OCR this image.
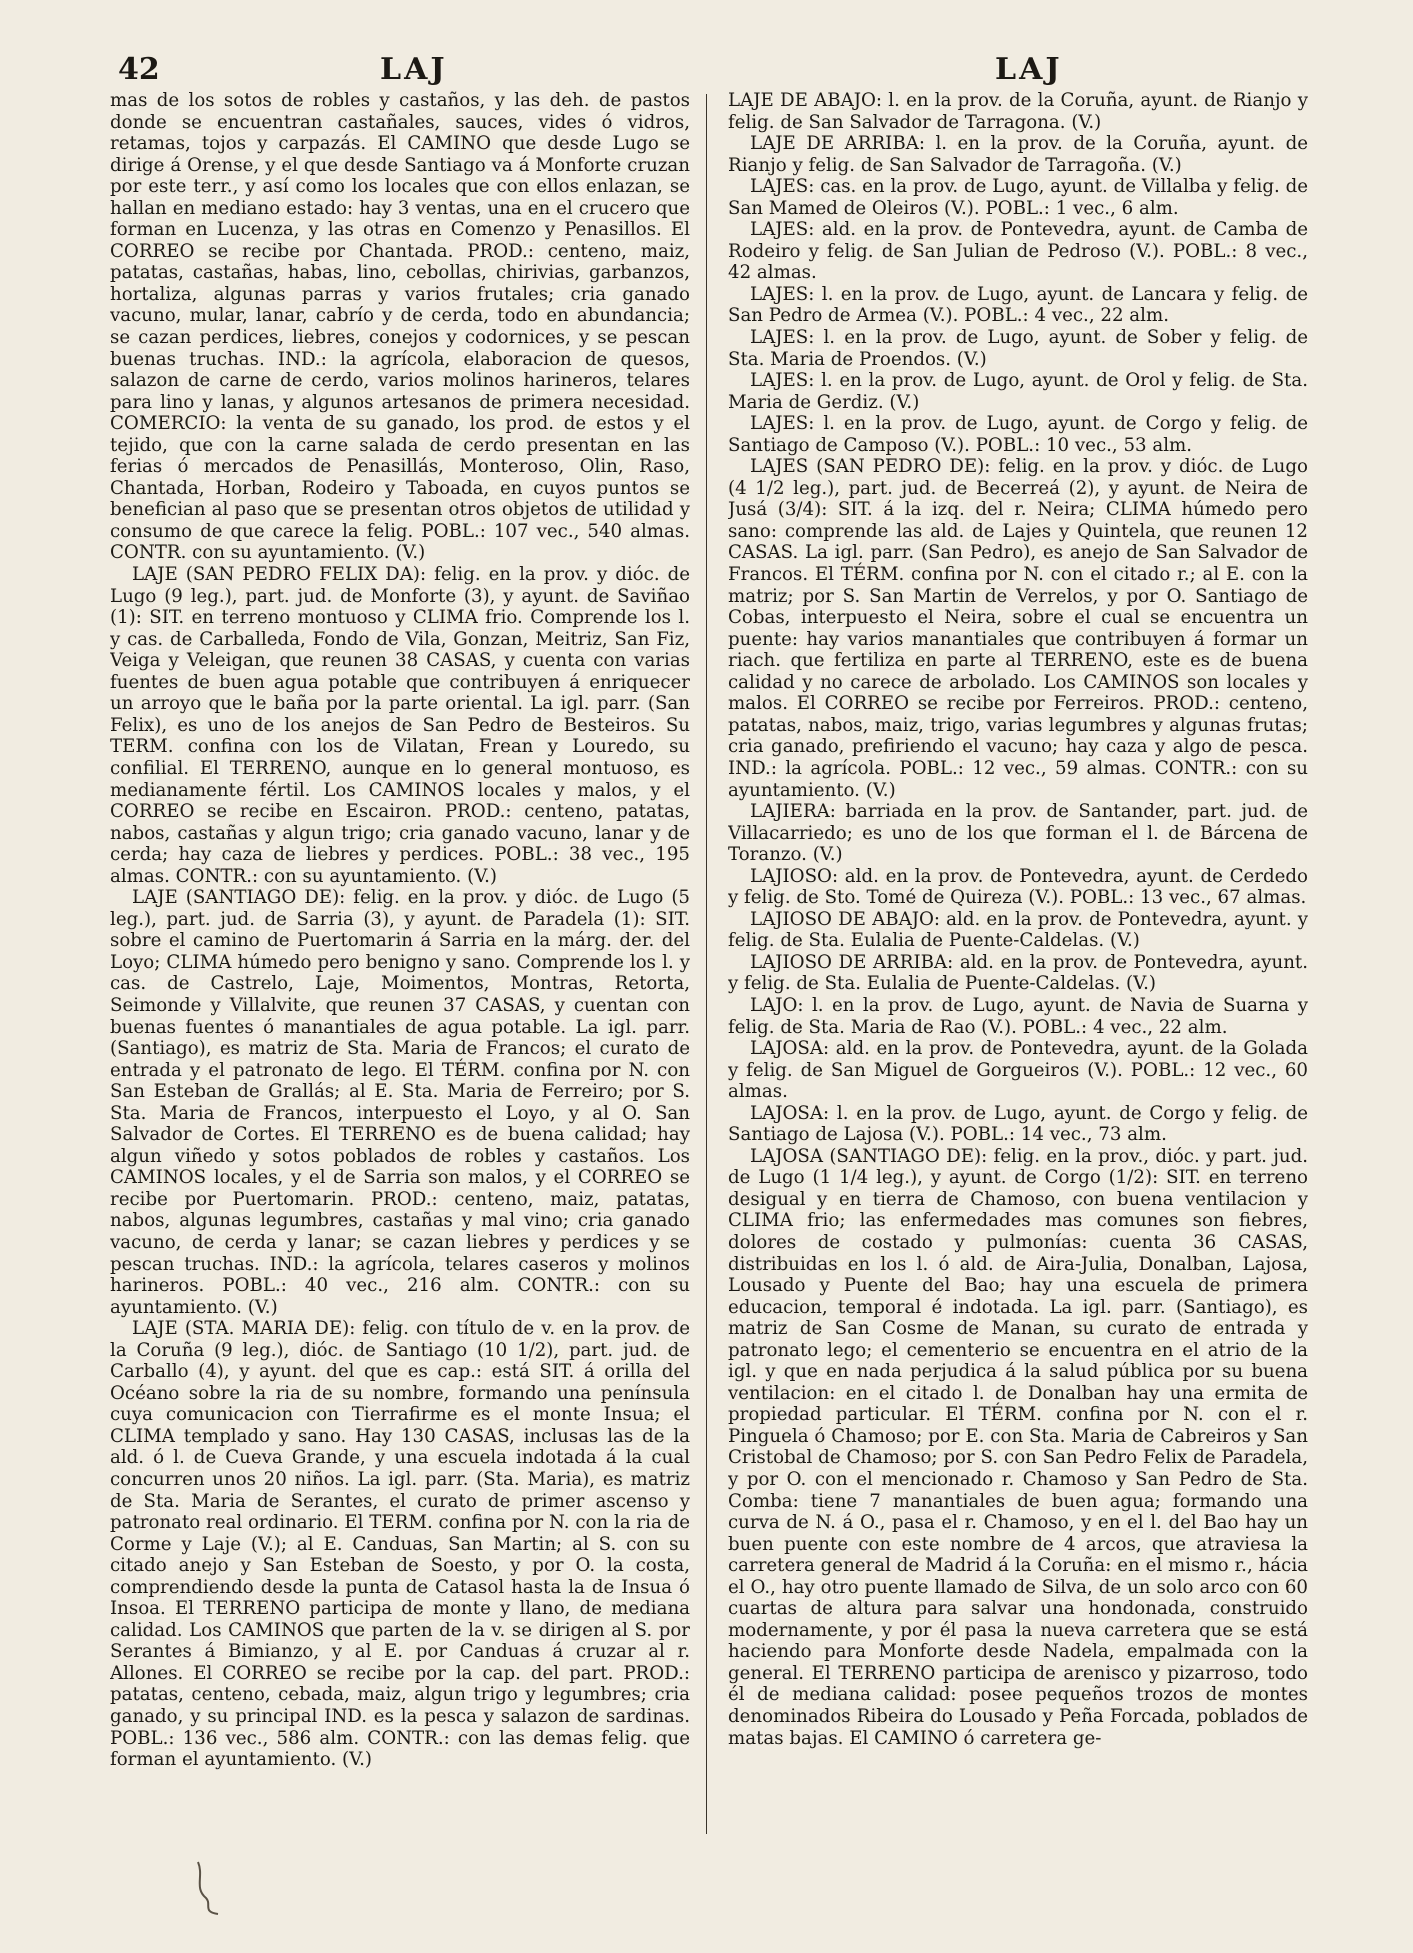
42	LAJ	LAJ

mas de los sotos de robles y castaños, y las deh. de pastos donde se encuentran castañales, sauces, vides ó vidros, retamas, tojos y carpazás. El CAMINO que desde Lugo se dirige á Orense, y el que desde Santiago va á Monforte cruzan por este terr., y así como los locales que con ellos enlazan, se hallan en mediano estado: hay 3 ventas, una en el crucero que forman en Lucenza, y las otras en Comenzo y Penasillos. El CORREO se recibe por Chantada. PROD.: centeno, maiz, patatas, castañas, habas, lino, cebollas, chirivias, garbanzos, hortaliza, algunas parras y varios frutales; cria ganado vacuno, mular, lanar, cabrío y de cerda, todo en abundancia; se cazan perdices, liebres, conejos y codornices, y se pescan buenas truchas. IND.: la agrícola, elaboracion de quesos, salazon de carne de cerdo, varios molinos harineros, telares para lino y lanas, y algunos artesanos de primera necesidad. COMERCIO: la venta de su ganado, los prod. de estos y el tejido, que con la carne salada de cerdo presentan en las ferias ó mercados de Penasillás, Monteroso, Olin, Raso, Chantada, Horban, Rodeiro y Taboada, en cuyos puntos se benefician al paso que se presentan otros objetos de utilidad y consumo de que carece la felig. POBL.: 107 vec., 540 almas. CONTR. con su ayuntamiento. (V.)

LAJE (SAN PEDRO FELIX DA): felig. en la prov. y dióc. de Lugo (9 leg.), part. jud. de Monforte (3), y ayunt. de Saviñao (1): SIT. en terreno montuoso y CLIMA frio. Comprende los l. y cas. de Carballeda, Fondo de Vila, Gonzan, Meitriz, San Fiz, Veiga y Veleigan, que reunen 38 CASAS, y cuenta con varias fuentes de buen agua potable que contribuyen á enriquecer un arroyo que le baña por la parte oriental. La igl. parr. (San Felix), es uno de los anejos de San Pedro de Besteiros. Su TERM. confina con los de Vilatan, Frean y Louredo, su confilial. El TERRENO, aunque en lo general montuoso, es medianamente fértil. Los CAMINOS locales y malos, y el CORREO se recibe en Escairon. PROD.: centeno, patatas, nabos, castañas y algun trigo; cria ganado vacuno, lanar y de cerda; hay caza de liebres y perdices. POBL.: 38 vec., 195 almas. CONTR.: con su ayuntamiento. (V.)

LAJE (SANTIAGO DE): felig. en la prov. y dióc. de Lugo (5 leg.), part. jud. de Sarria (3), y ayunt. de Paradela (1): SIT. sobre el camino de Puertomarin á Sarria en la márg. der. del Loyo; CLIMA húmedo pero benigno y sano. Comprende los l. y cas. de Castrelo, Laje, Moimentos, Montras, Retorta, Seimonde y Villalvite, que reunen 37 CASAS, y cuentan con buenas fuentes ó manantiales de agua potable. La igl. parr. (Santiago), es matriz de Sta. Maria de Francos; el curato de entrada y el patronato de lego. El TÉRM. confina por N. con San Esteban de Grallás; al E. Sta. Maria de Ferreiro; por S. Sta. Maria de Francos, interpuesto el Loyo, y al O. San Salvador de Cortes. El TERRENO es de buena calidad; hay algun viñedo y sotos poblados de robles y castaños. Los CAMINOS locales, y el de Sarria son malos, y el CORREO se recibe por Puertomarin. PROD.: centeno, maiz, patatas, nabos, algunas legumbres, castañas y mal vino; cria ganado vacuno, de cerda y lanar; se cazan liebres y perdices y se pescan truchas. IND.: la agrícola, telares caseros y molinos harineros. POBL.: 40 vec., 216 alm. CONTR.: con su ayuntamiento. (V.)

LAJE (STA. MARIA DE): felig. con título de v. en la prov. de la Coruña (9 leg.), dióc. de Santiago (10 1/2), part. jud. de Carballo (4), y ayunt. del que es cap.: está SIT. á orilla del Océano sobre la ria de su nombre, formando una península cuya comunicacion con Tierrafirme es el monte Insua; el CLIMA templado y sano. Hay 130 CASAS, inclusas las de la ald. ó l. de Cueva Grande, y una escuela indotada á la cual concurren unos 20 niños. La igl. parr. (Sta. Maria), es matriz de Sta. Maria de Serantes, el curato de primer ascenso y patronato real ordinario. El TERM. confina por N. con la ria de Corme y Laje (V.); al E. Canduas, San Martin; al S. con su citado anejo y San Esteban de Soesto, y por O. la costa, comprendiendo desde la punta de Catasol hasta la de Insua ó Insoa. El TERRENO participa de monte y llano, de mediana calidad. Los CAMINOS que parten de la v. se dirigen al S. por Serantes á Bimianzo, y al E. por Canduas á cruzar al r. Allones. El CORREO se recibe por la cap. del part. PROD.: patatas, centeno, cebada, maiz, algun trigo y legumbres; cria ganado, y su principal IND. es la pesca y salazon de sardinas. POBL.: 136 vec., 586 alm. CONTR.: con las demas felig. que forman el ayuntamiento. (V.)

LAJE DE ABAJO: l. en la prov. de la Coruña, ayunt. de Rianjo y felig. de San Salvador de Tarragona. (V.)

LAJE DE ARRIBA: l. en la prov. de la Coruña, ayunt. de Rianjo y felig. de San Salvador de Tarragoña. (V.)

LAJES: cas. en la prov. de Lugo, ayunt. de Villalba y felig. de San Mamed de Oleiros (V.). POBL.: 1 vec., 6 alm.

LAJES: ald. en la prov. de Pontevedra, ayunt. de Camba de Rodeiro y felig. de San Julian de Pedroso (V.). POBL.: 8 vec., 42 almas.

LAJES: l. en la prov. de Lugo, ayunt. de Lancara y felig. de San Pedro de Armea (V.). POBL.: 4 vec., 22 alm.

LAJES: l. en la prov. de Lugo, ayunt. de Sober y felig. de Sta. Maria de Proendos. (V.)

LAJES: l. en la prov. de Lugo, ayunt. de Orol y felig. de Sta. Maria de Gerdiz. (V.)

LAJES: l. en la prov. de Lugo, ayunt. de Corgo y felig. de Santiago de Camposo (V.). POBL.: 10 vec., 53 alm.

LAJES (SAN PEDRO DE): felig. en la prov. y dióc. de Lugo (4 1/2 leg.), part. jud. de Becerreá (2), y ayunt. de Neira de Jusá (3/4): SIT. á la izq. del r. Neira; CLIMA húmedo pero sano: comprende las ald. de Lajes y Quintela, que reunen 12 CASAS. La igl. parr. (San Pedro), es anejo de San Salvador de Francos. El TÉRM. confina por N. con el citado r.; al E. con la matriz; por S. San Martin de Verrelos, y por O. Santiago de Cobas, interpuesto el Neira, sobre el cual se encuentra un puente: hay varios manantiales que contribuyen á formar un riach. que fertiliza en parte al TERRENO, este es de buena calidad y no carece de arbolado. Los CAMINOS son locales y malos. El CORREO se recibe por Ferreiros. PROD.: centeno, patatas, nabos, maiz, trigo, varias legumbres y algunas frutas; cria ganado, prefiriendo el vacuno; hay caza y algo de pesca. IND.: la agrícola. POBL.: 12 vec., 59 almas. CONTR.: con su ayuntamiento. (V.)

LAJIERA: barriada en la prov. de Santander, part. jud. de Villacarriedo; es uno de los que forman el l. de Bárcena de Toranzo. (V.)

LAJIOSO: ald. en la prov. de Pontevedra, ayunt. de Cerdedo y felig. de Sto. Tomé de Quireza (V.). POBL.: 13 vec., 67 almas.

LAJIOSO DE ABAJO: ald. en la prov. de Pontevedra, ayunt. y felig. de Sta. Eulalia de Puente-Caldelas. (V.)

LAJIOSO DE ARRIBA: ald. en la prov. de Pontevedra, ayunt. y felig. de Sta. Eulalia de Puente-Caldelas. (V.)

LAJO: l. en la prov. de Lugo, ayunt. de Navia de Suarna y felig. de Sta. Maria de Rao (V.). POBL.: 4 vec., 22 alm.

LAJOSA: ald. en la prov. de Pontevedra, ayunt. de la Golada y felig. de San Miguel de Gorgueiros (V.). POBL.: 12 vec., 60 almas.

LAJOSA: l. en la prov. de Lugo, ayunt. de Corgo y felig. de Santiago de Lajosa (V.). POBL.: 14 vec., 73 alm.

LAJOSA (SANTIAGO DE): felig. en la prov., dióc. y part. jud. de Lugo (1 1/4 leg.), y ayunt. de Corgo (1/2): SIT. en terreno desigual y en tierra de Chamoso, con buena ventilacion y CLIMA frio; las enfermedades mas comunes son fiebres, dolores de costado y pulmonías: cuenta 36 CASAS, distribuidas en los l. ó ald. de Aira-Julia, Donalban, Lajosa, Lousado y Puente del Bao; hay una escuela de primera educacion, temporal é indotada. La igl. parr. (Santiago), es matriz de San Cosme de Manan, su curato de entrada y patronato lego; el cementerio se encuentra en el atrio de la igl. y que en nada perjudica á la salud pública por su buena ventilacion: en el citado l. de Donalban hay una ermita de propiedad particular. El TÉRM. confina por N. con el r. Pinguela ó Chamoso; por E. con Sta. Maria de Cabreiros y San Cristobal de Chamoso; por S. con San Pedro Felix de Paradela, y por O. con el mencionado r. Chamoso y San Pedro de Sta. Comba: tiene 7 manantiales de buen agua; formando una curva de N. á O., pasa el r. Chamoso, y en el l. del Bao hay un buen puente con este nombre de 4 arcos, que atraviesa la carretera general de Madrid á la Coruña: en el mismo r., hácia el O., hay otro puente llamado de Silva, de un solo arco con 60 cuartas de altura para salvar una hondonada, construido modernamente, y por él pasa la nueva carretera que se está haciendo para Monforte desde Nadela, empalmada con la general. El TERRENO participa de arenisco y pizarroso, todo él de mediana calidad: posee pequeños trozos de montes denominados Ribeira do Lousado y Peña Forcada, poblados de matas bajas. El CAMINO ó carretera ge-
